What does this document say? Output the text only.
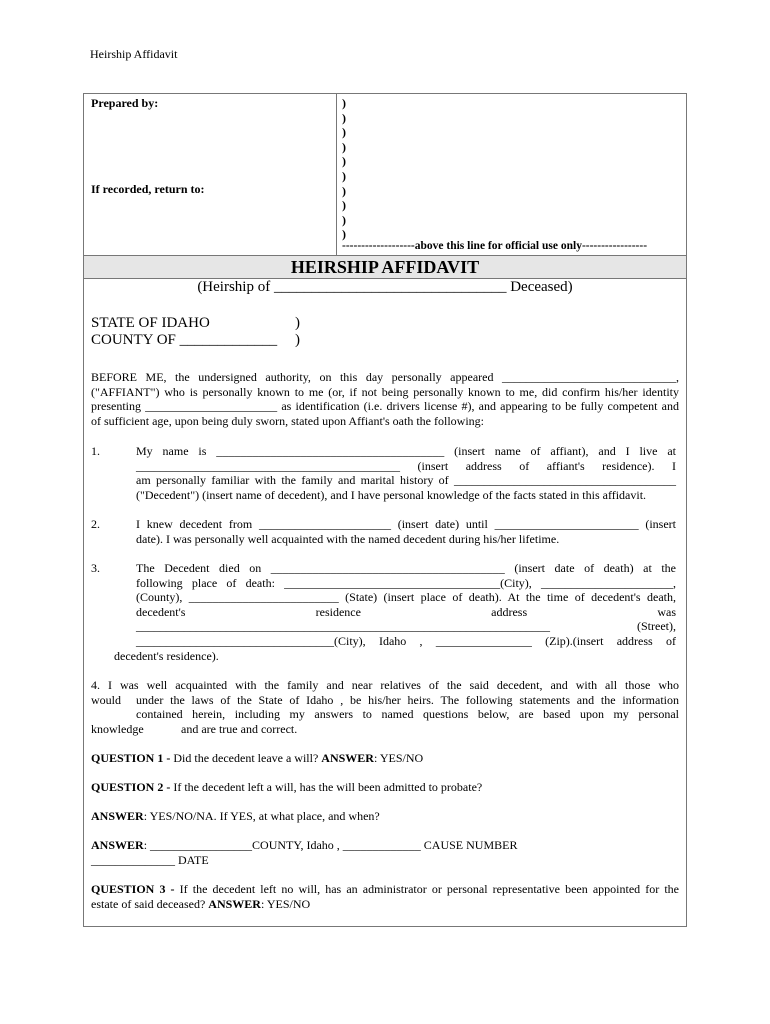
Heirship Affidavit
Prepared by:
If recorded, return to:
)
)
)
)
)
)
)
)
)
)
-------------------above this line for official use only-----------------
HEIRSHIP AFFIDAVIT
(Heirship of _______________________________ Deceased)
STATE OF IDAHO	)
COUNTY OF _____________ )
BEFORE ME, the undersigned authority, on this day personally appeared _____________________________,
("AFFIANT") who is personally known to me (or, if not being personally known to me, did confirm his/her identity
presenting ______________________ as identification (i.e. drivers license #), and appearing to be fully competent and
of sufficient age, upon being duly sworn, stated upon Affiant's oath the following:
1.	My name is ______________________________________ (insert name of affiant), and I live at
____________________________________________ (insert address of affiant's residence). I
am personally familiar with the family and marital history of _____________________________________
("Decedent") (insert name of decedent), and I have personal knowledge of the facts stated in this affidavit.
2.	I knew decedent from ______________________ (insert date) until ________________________ (insert
date). I was personally well acquainted with the named decedent during his/her lifetime.
3.	The Decedent died on _______________________________________ (insert date of death) at the
following place of death: ____________________________________(City), ______________________,
(County), _________________________ (State) (insert place of death). At the time of decedent's death,
decedent's residence address was
_____________________________________________________________________ (Street),
_________________________________(City), Idaho , ________________ (Zip).(insert address of
decedent's residence).
4. I was well acquainted with the family and near relatives of the said decedent, and with all those who
would	under the laws of the State of Idaho , be his/her heirs. The following statements and the information
contained herein, including my answers to named questions below, are based upon my personal
knowledge	and are true and correct.
QUESTION 1 - Did the decedent leave a will? ANSWER: YES/NO
QUESTION 2 - If the decedent left a will, has the will been admitted to probate?
ANSWER: YES/NO/NA. If YES, at what place, and when?
ANSWER: _________________COUNTY, Idaho , _____________ CAUSE NUMBER
______________ DATE
QUESTION 3 - If the decedent left no will, has an administrator or personal representative been appointed for the
estate of said deceased? ANSWER: YES/NO
